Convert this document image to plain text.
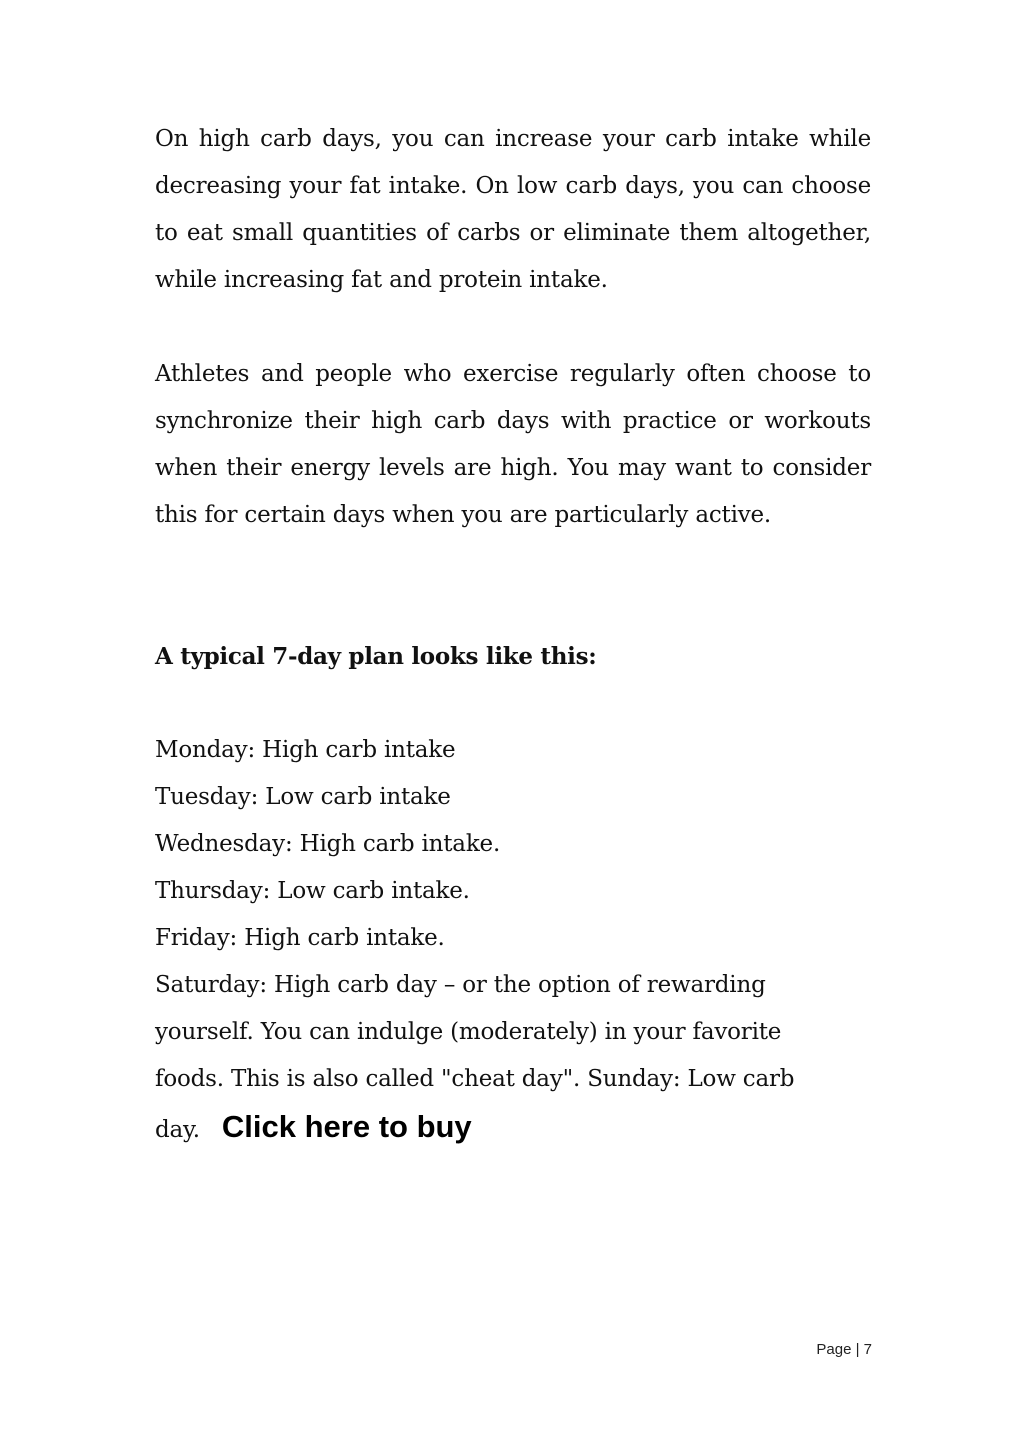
On high carb days, you can increase your carb intake while decreasing your fat intake. On low carb days, you can choose to eat small quantities of carbs or eliminate them altogether, while increasing fat and protein intake.

Athletes and people who exercise regularly often choose to synchronize their high carb days with practice or workouts when their energy levels are high. You may want to consider this for certain days when you are particularly active.

A typical 7-day plan looks like this:
Monday: High carb intake
Tuesday: Low carb intake
Wednesday: High carb intake.
Thursday: Low carb intake.
Friday: High carb intake.
Saturday: High carb day – or the option of rewarding yourself. You can indulge (moderately) in your favorite foods. This is also called "cheat day". Sunday: Low carb day. Click here to buy
Page | 7
